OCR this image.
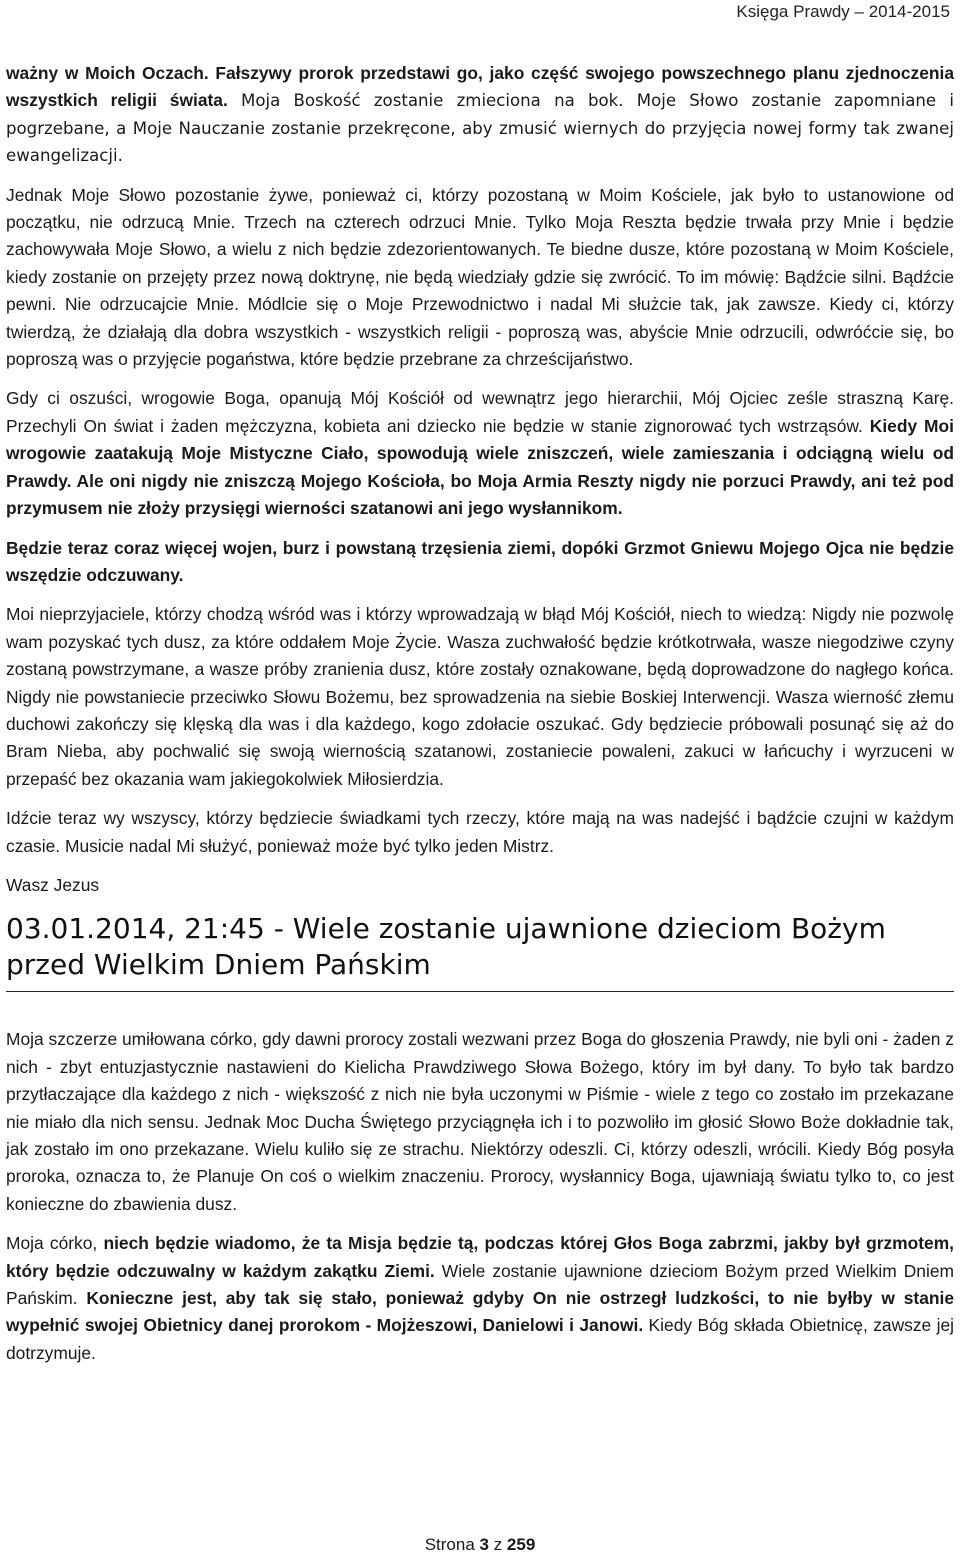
Księga Prawdy – 2014-2015

ważny w Moich Oczach. Fałszywy prorok przedstawi go, jako część swojego powszechnego planu zjednoczenia wszystkich religii świata. Moja Boskość zostanie zmieciona na bok. Moje Słowo zostanie zapomniane i pogrzebane, a Moje Nauczanie zostanie przekręcone, aby zmusić wiernych do przyjęcia nowej formy tak zwanej ewangelizacji.

Jednak Moje Słowo pozostanie żywe, ponieważ ci, którzy pozostaną w Moim Kościele, jak było to ustanowione od początku, nie odrzucą Mnie. Trzech na czterech odrzuci Mnie. Tylko Moja Reszta będzie trwała przy Mnie i będzie zachowywała Moje Słowo, a wielu z nich będzie zdezorientowanych. Te biedne dusze, które pozostaną w Moim Kościele, kiedy zostanie on przejęty przez nową doktrynę, nie będą wiedziały gdzie się zwrócić. To im mówię: Bądźcie silni. Bądźcie pewni. Nie odrzucajcie Mnie. Módlcie się o Moje Przewodnictwo i nadal Mi służcie tak, jak zawsze. Kiedy ci, którzy twierdzą, że działają dla dobra wszystkich - wszystkich religii - poproszą was, abyście Mnie odrzucili, odwróćcie się, bo poproszą was o przyjęcie pogaństwa, które będzie przebrane za chrześcijaństwo.

Gdy ci oszuści, wrogowie Boga, opanują Mój Kościół od wewnątrz jego hierarchii, Mój Ojciec ześle straszną Karę. Przechyli On świat i żaden mężczyzna, kobieta ani dziecko nie będzie w stanie zignorować tych wstrząsów. Kiedy Moi wrogowie zaatakują Moje Mistyczne Ciało, spowodują wiele zniszczeń, wiele zamieszania i odciągną wielu od Prawdy. Ale oni nigdy nie zniszczą Mojego Kościoła, bo Moja Armia Reszty nigdy nie porzuci Prawdy, ani też pod przymusem nie złoży przysięgi wierności szatanowi ani jego wysłannikom.

Będzie teraz coraz więcej wojen, burz i powstaną trzęsienia ziemi, dopóki Grzmot Gniewu Mojego Ojca nie będzie wszędzie odczuwany.

Moi nieprzyjaciele, którzy chodzą wśród was i którzy wprowadzają w błąd Mój Kościół, niech to wiedzą: Nigdy nie pozwolę wam pozyskać tych dusz, za które oddałem Moje Życie. Wasza zuchwałość będzie krótkotrwała, wasze niegodziwe czyny zostaną powstrzymane, a wasze próby zranienia dusz, które zostały oznakowane, będą doprowadzone do nagłego końca. Nigdy nie powstaniecie przeciwko Słowu Bożemu, bez sprowadzenia na siebie Boskiej Interwencji. Wasza wierność złemu duchowi zakończy się klęską dla was i dla każdego, kogo zdołacie oszukać. Gdy będziecie próbowali posunąć się aż do Bram Nieba, aby pochwalić się swoją wiernością szatanowi, zostaniecie powaleni, zakuci w łańcuchy i wyrzuceni w przepaść bez okazania wam jakiegokolwiek Miłosierdzia.

Idźcie teraz wy wszyscy, którzy będziecie świadkami tych rzeczy, które mają na was nadejść i bądźcie czujni w każdym czasie. Musicie nadal Mi służyć, ponieważ może być tylko jeden Mistrz.

Wasz Jezus

03.01.2014, 21:45 - Wiele zostanie ujawnione dzieciom Bożym przed Wielkim Dniem Pańskim

Moja szczerze umiłowana córko, gdy dawni prorocy zostali wezwani przez Boga do głoszenia Prawdy, nie byli oni - żaden z nich - zbyt entuzjastycznie nastawieni do Kielicha Prawdziwego Słowa Bożego, który im był dany. To było tak bardzo przytłaczające dla każdego z nich - większość z nich nie była uczonymi w Piśmie - wiele z tego co zostało im przekazane nie miało dla nich sensu. Jednak Moc Ducha Świętego przyciągnęła ich i to pozwoliło im głosić Słowo Boże dokładnie tak, jak zostało im ono przekazane. Wielu kuliło się ze strachu. Niektórzy odeszli. Ci, którzy odeszli, wrócili. Kiedy Bóg posyła proroka, oznacza to, że Planuje On coś o wielkim znaczeniu. Prorocy, wysłannicy Boga, ujawniają światu tylko to, co jest konieczne do zbawienia dusz.

Moja córko, niech będzie wiadomo, że ta Misja będzie tą, podczas której Głos Boga zabrzmi, jakby był grzmotem, który będzie odczuwalny w każdym zakątku Ziemi. Wiele zostanie ujawnione dzieciom Bożym przed Wielkim Dniem Pańskim. Konieczne jest, aby tak się stało, ponieważ gdyby On nie ostrzegł ludzkości, to nie byłby w stanie wypełnić swojej Obietnicy danej prorokom - Mojżeszowi, Danielowi i Janowi. Kiedy Bóg składa Obietnicę, zawsze jej dotrzymuje.

Strona 3 z 259
